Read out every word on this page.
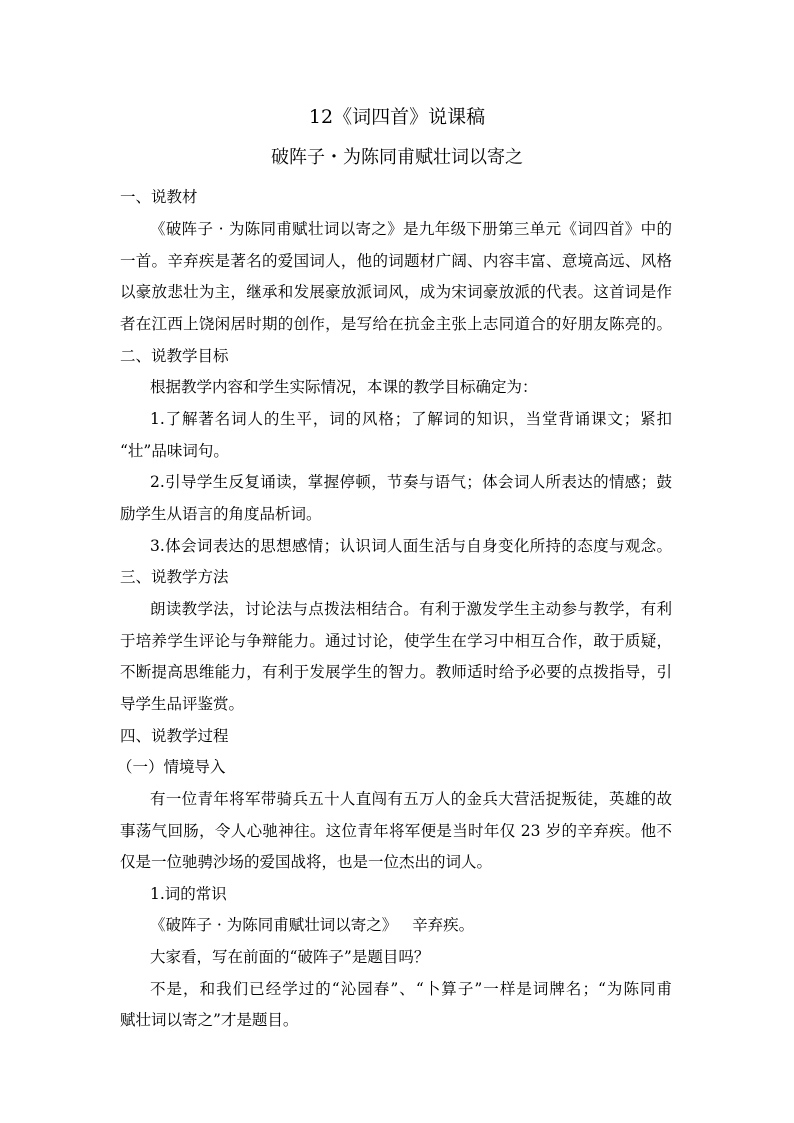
12《词四首》说课稿
破阵子・为陈同甫赋壮词以寄之
一、说教材
《破阵子 · 为陈同甫赋壮词以寄之》是九年级下册第三单元《词四首》中的
一首。辛弃疾是著名的爱国词人，他的词题材广阔、内容丰富、意境高远、风格
以豪放悲壮为主，继承和发展豪放派词风，成为宋词豪放派的代表。这首词是作
者在江西上饶闲居时期的创作，是写给在抗金主张上志同道合的好朋友陈亮的。
二、说教学目标
根据教学内容和学生实际情况，本课的教学目标确定为：
1.了解著名词人的生平，词的风格；了解词的知识，当堂背诵课文；紧扣
“壮”品味词句。
2.引导学生反复诵读，掌握停顿，节奏与语气；体会词人所表达的情感；鼓
励学生从语言的角度品析词。
3.体会词表达的思想感情；认识词人面生活与自身变化所持的态度与观念。
三、说教学方法
朗读教学法，讨论法与点拨法相结合。有利于激发学生主动参与教学，有利
于培养学生评论与争辩能力。通过讨论，使学生在学习中相互合作，敢于质疑，
不断提高思维能力，有利于发展学生的智力。教师适时给予必要的点拨指导，引
导学生品评鉴赏。
四、说教学过程
（一）情境导入
有一位青年将军带骑兵五十人直闯有五万人的金兵大营活捉叛徒，英雄的故
事荡气回肠，令人心驰神往。这位青年将军便是当时年仅 23 岁的辛弃疾。他不
仅是一位驰骋沙场的爱国战将，也是一位杰出的词人。
1.词的常识
《破阵子 · 为陈同甫赋壮词以寄之》   辛弃疾。
大家看，写在前面的“破阵子”是题目吗？
不是，和我们已经学过的“沁园春”、“卜算子”一样是词牌名；“为陈同甫
赋壮词以寄之”才是题目。
